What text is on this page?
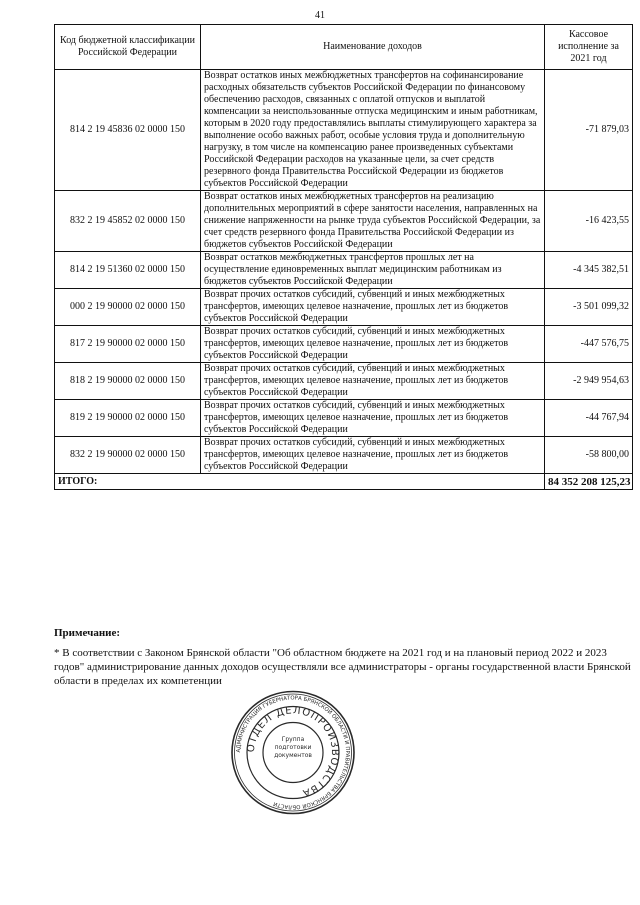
41
Код бюджетной классификации Российской Федерации	Наименование доходов	Кассовое исполнение за 2021 год
814 2 19 45836 02 0000 150	Возврат остатков иных межбюджетных трансфертов на софинансирование расходных обязательств субъектов Российской Федерации по финансовому обеспечению расходов, связанных с оплатой отпусков и выплатой компенсации за неиспользованные отпуска медицинским и иным работникам, которым в 2020 году предоставлялись выплаты стимулирующего характера за выполнение особо важных работ, особые условия труда и дополнительную нагрузку, в том числе на компенсацию ранее произведенных субъектами Российской Федерации расходов на указанные цели, за счет средств резервного фонда Правительства Российской Федерации из бюджетов субъектов Российской Федерации	-71 879,03
832 2 19 45852 02 0000 150	Возврат остатков иных межбюджетных трансфертов на реализацию дополнительных мероприятий в сфере занятости населения, направленных на снижение напряженности на рынке труда субъектов Российской Федерации, за счет средств резервного фонда Правительства Российской Федерации из бюджетов субъектов Российской Федерации	-16 423,55
814 2 19 51360 02 0000 150	Возврат остатков межбюджетных трансфертов прошлых лет на осуществление единовременных выплат медицинским работникам из бюджетов субъектов Российской Федерации	-4 345 382,51
000 2 19 90000 02 0000 150	Возврат прочих остатков субсидий, субвенций и иных межбюджетных трансфертов, имеющих целевое назначение, прошлых лет из бюджетов субъектов Российской Федерации	-3 501 099,32
817 2 19 90000 02 0000 150	Возврат прочих остатков субсидий, субвенций и иных межбюджетных трансфертов, имеющих целевое назначение, прошлых лет из бюджетов субъектов Российской Федерации	-447 576,75
818 2 19 90000 02 0000 150	Возврат прочих остатков субсидий, субвенций и иных межбюджетных трансфертов, имеющих целевое назначение, прошлых лет из бюджетов субъектов Российской Федерации	-2 949 954,63
819 2 19 90000 02 0000 150	Возврат прочих остатков субсидий, субвенций и иных межбюджетных трансфертов, имеющих целевое назначение, прошлых лет из бюджетов субъектов Российской Федерации	-44 767,94
832 2 19 90000 02 0000 150	Возврат прочих остатков субсидий, субвенций и иных межбюджетных трансфертов, имеющих целевое назначение, прошлых лет из бюджетов субъектов Российской Федерации	-58 800,00
ИТОГО:		84 352 208 125,23
Примечание:
* В соответствии с Законом Брянской области "Об областном бюджете на 2021 год и на плановый период 2022 и 2023 годов" администрирование данных доходов осуществляли все администраторы - органы государственной власти Брянской области в пределах их компетенции
АДМИНИСТРАЦИЯ ГУБЕРНАТОРА БРЯНСКОЙ ОБЛАСТИ И ПРАВИТЕЛЬСТВА БРЯНСКОЙ ОБЛАСТИ
ОТДЕЛ ДЕЛОПРОИЗВОДСТВА
Группа подготовки документов
